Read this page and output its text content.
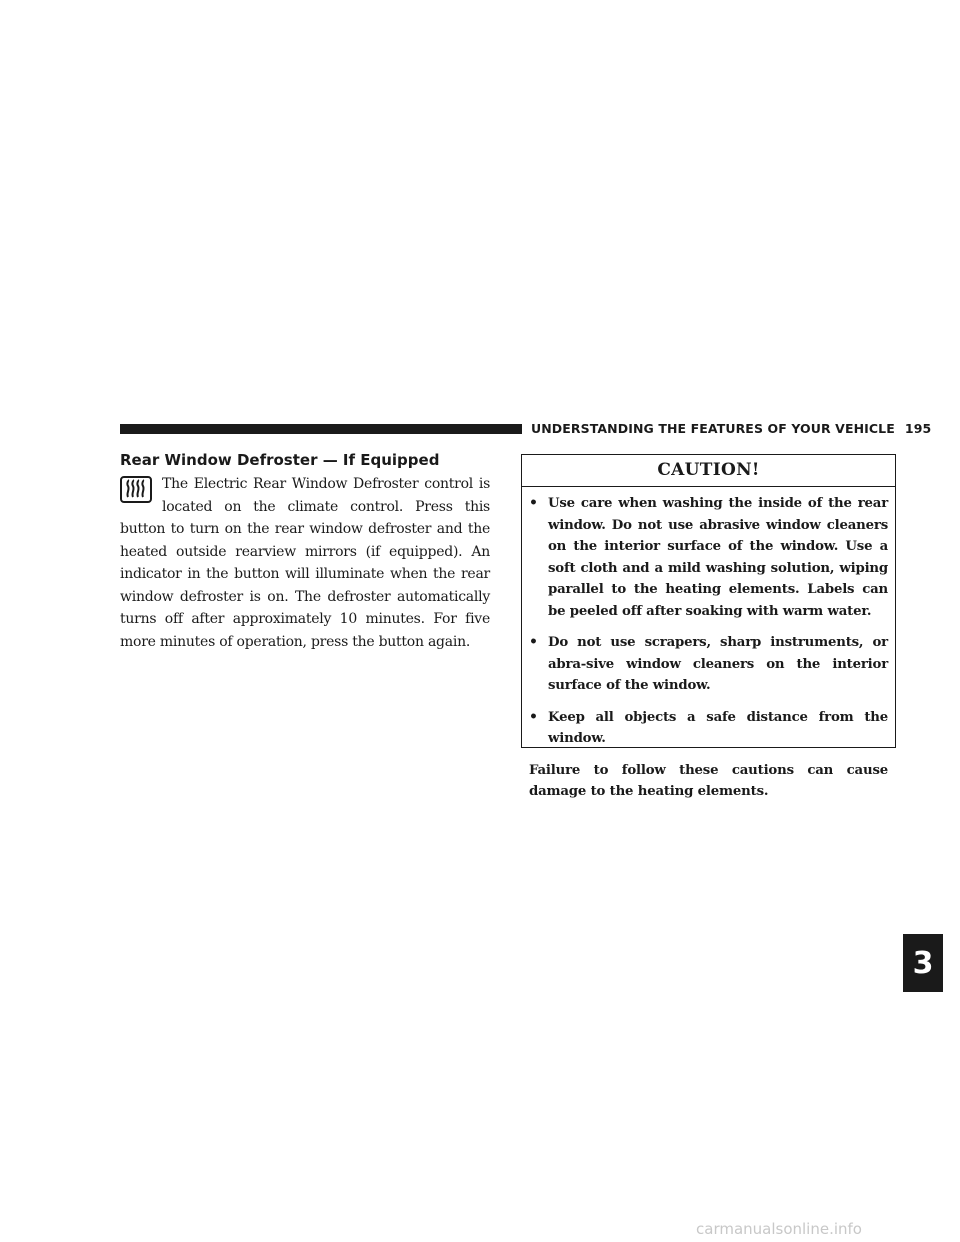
UNDERSTANDING THE FEATURES OF YOUR VEHICLE 195
3
Rear Window Defroster — If Equipped

The Electric Rear Window Defroster control is located on the climate control. Press this button to turn on the rear window defroster and the heated outside rearview mirrors (if equipped). An indicator in the button will illuminate when the rear window defroster is on. The defroster automatically turns off after approximately 10 minutes. For five more minutes of operation, press the button again.

CAUTION!
• Use care when washing the inside of the rear window. Do not use abrasive window cleaners on the interior surface of the window. Use a soft cloth and a mild washing solution, wiping parallel to the heating elements. Labels can be peeled off after soaking with warm water.
• Do not use scrapers, sharp instruments, or abra-sive window cleaners on the interior surface of the window.
• Keep all objects a safe distance from the window.
Failure to follow these cautions can cause damage to the heating elements.
carmanualsonline.info
